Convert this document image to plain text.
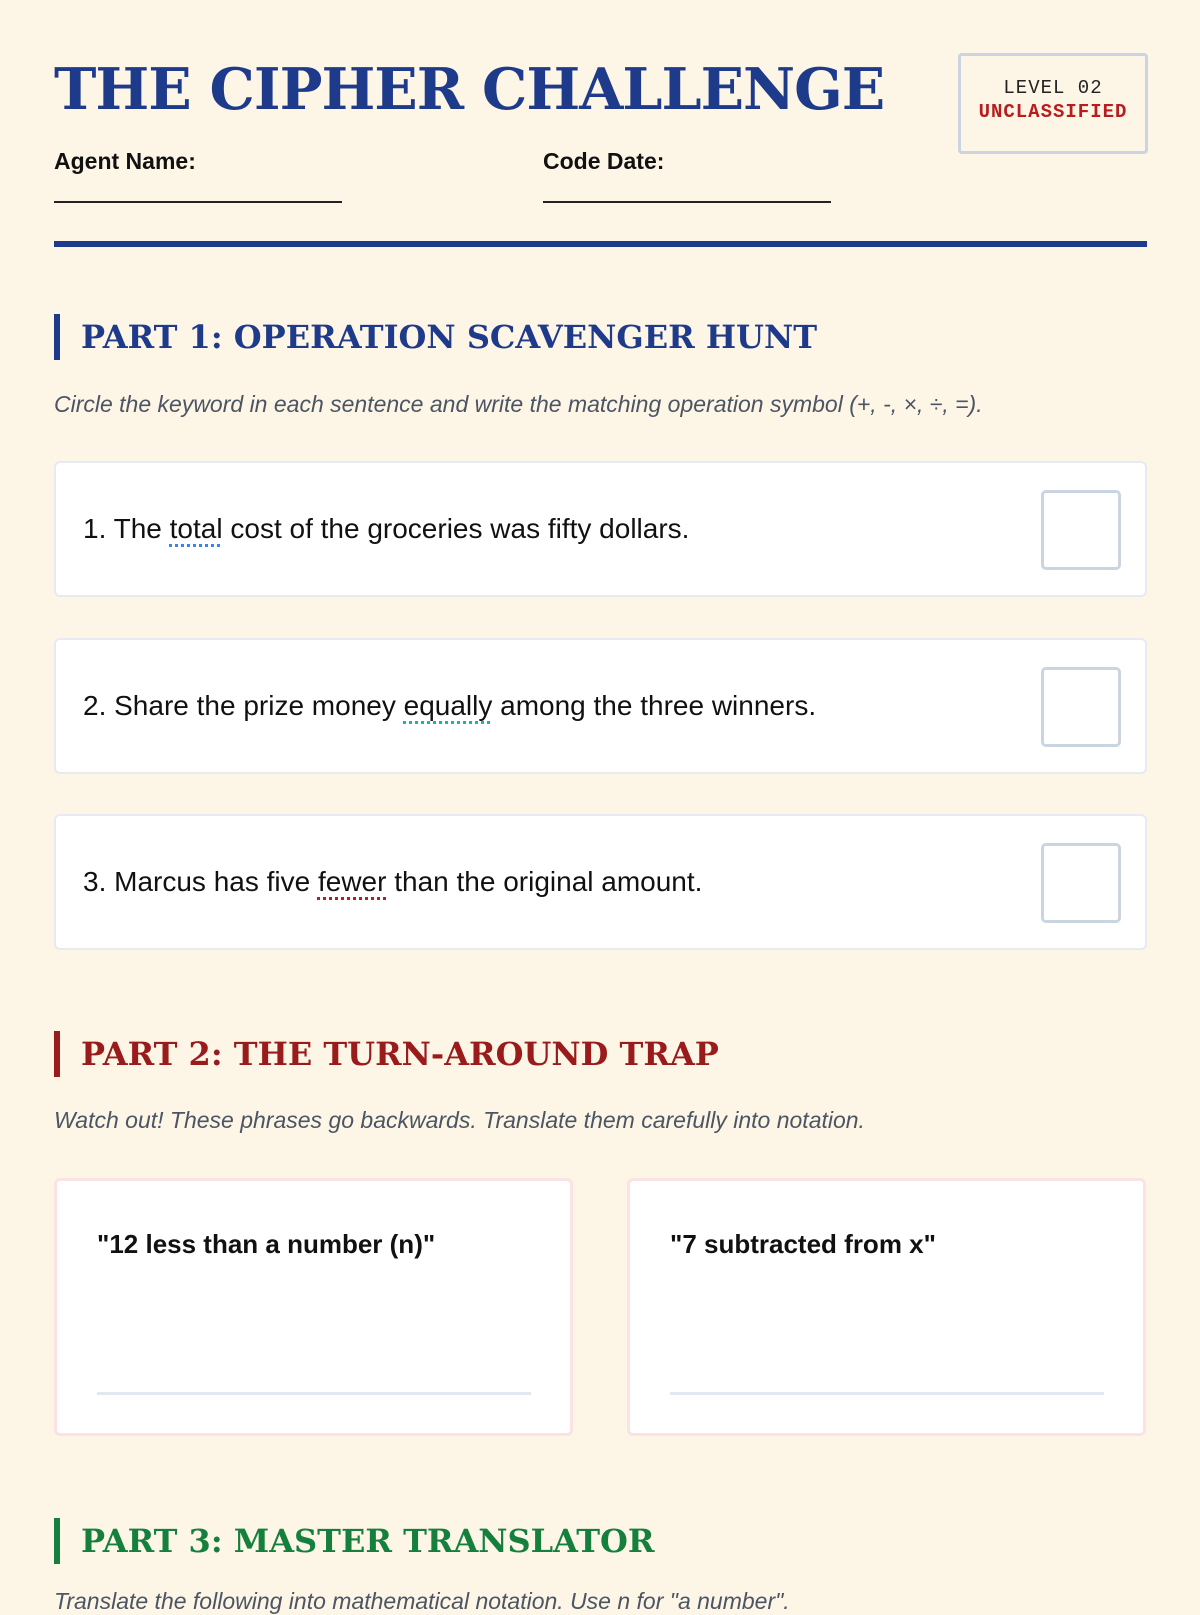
THE CIPHER CHALLENGE	LEVEL 02
UNCLASSIFIED
Agent Name:	Code Date:
PART 1: OPERATION SCAVENGER HUNT

Circle the keyword in each sentence and write the matching operation symbol (+, -, ×, ÷, =).

1. The total cost of the groceries was fifty dollars.
2. Share the prize money equally among the three winners.
3. Marcus has five fewer than the original amount.
PART 2: THE TURN-AROUND TRAP

Watch out! These phrases go backwards. Translate them carefully into notation.

"12 less than a number (n)"	"7 subtracted from x"
PART 3: MASTER TRANSLATOR

Translate the following into mathematical notation. Use n for "a number".
